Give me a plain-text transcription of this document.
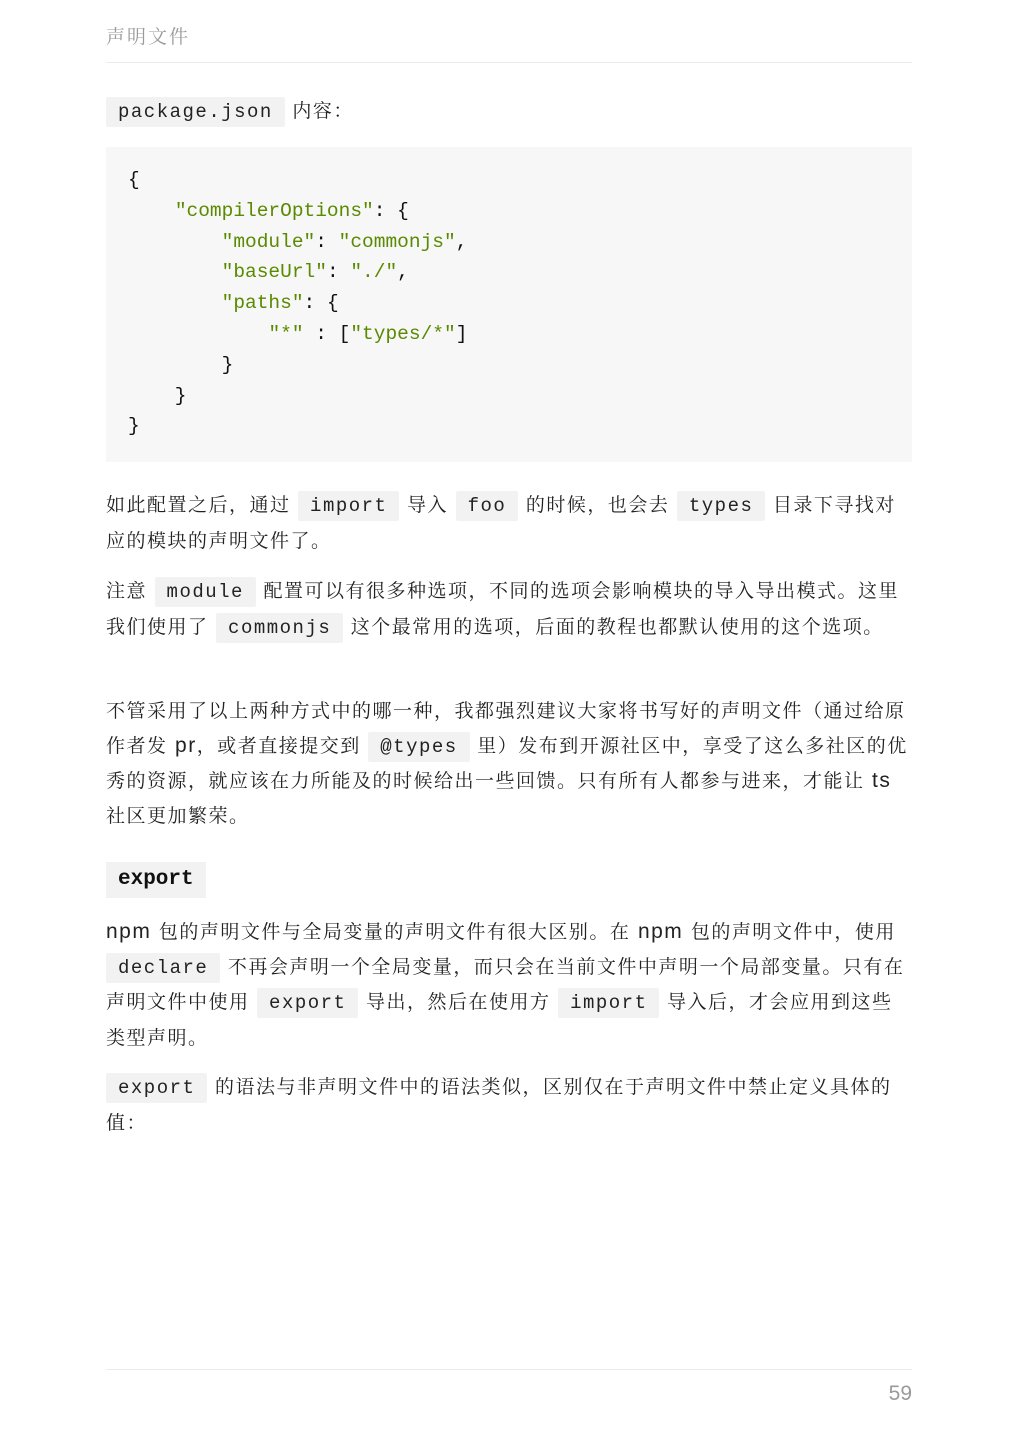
声明文件

package.json 内容：

{
"compilerOptions": {
"module": "commonjs",
"baseUrl": "./",
"paths": {
"*" : ["types/*"]
}
}
}

如此配置之后，通过 import 导入 foo 的时候，也会去 types 目录下寻找对应的模块的声明文件了。

注意 module 配置可以有很多种选项，不同的选项会影响模块的导入导出模式。这里我们使用了 commonjs 这个最常用的选项，后面的教程也都默认使用的这个选项。

不管采用了以上两种方式中的哪一种，我都强烈建议大家将书写好的声明文件（通过给原作者发 pr，或者直接提交到 @types 里）发布到开源社区中，享受了这么多社区的优秀的资源，就应该在力所能及的时候给出一些回馈。只有所有人都参与进来，才能让 ts 社区更加繁荣。

export

npm 包的声明文件与全局变量的声明文件有很大区别。在 npm 包的声明文件中，使用 declare 不再会声明一个全局变量，而只会在当前文件中声明一个局部变量。只有在声明文件中使用 export 导出，然后在使用方 import 导入后，才会应用到这些类型声明。

export 的语法与非声明文件中的语法类似，区别仅在于声明文件中禁止定义具体的值：

59
